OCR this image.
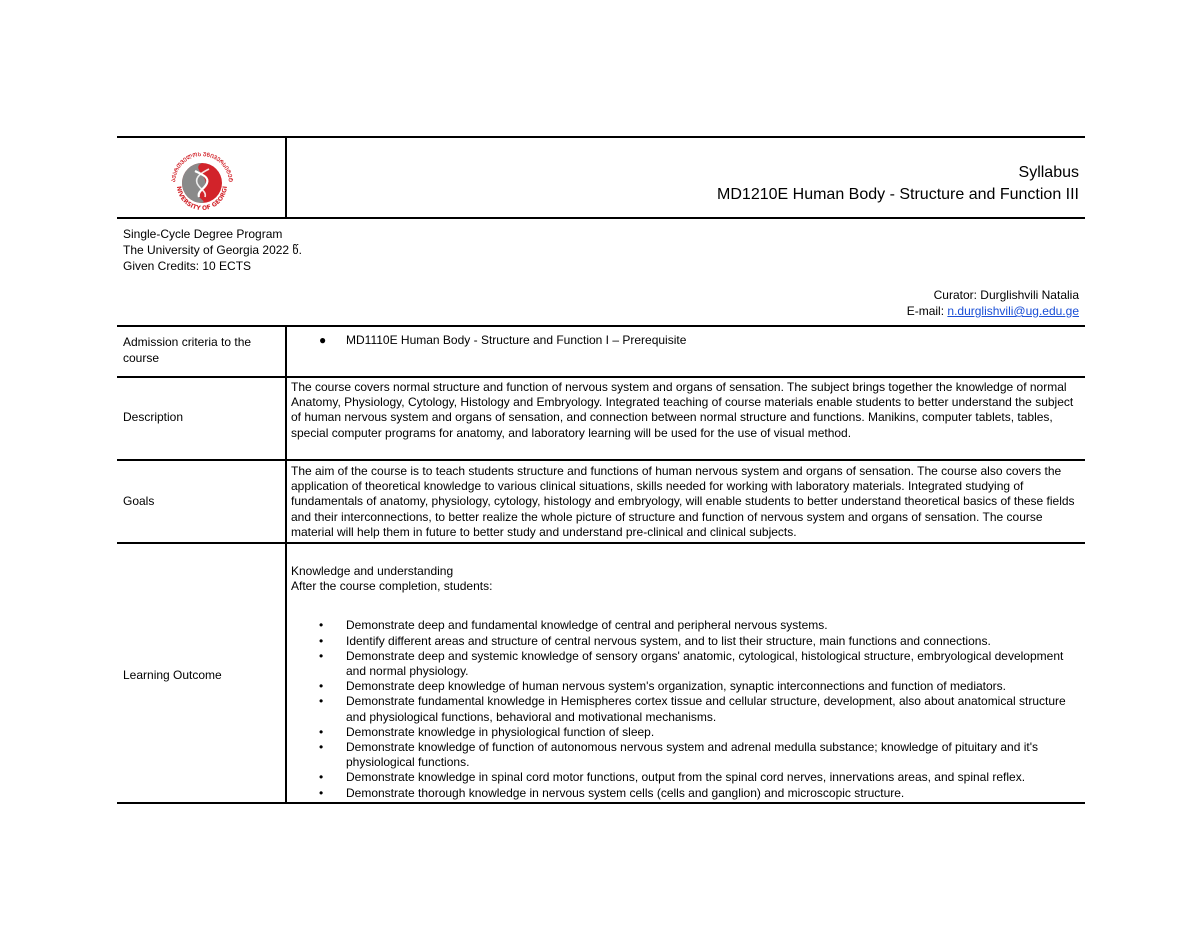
ᲐᲥᲐᲠᲗᲕᲔᲚᲝᲡ ᲣᲜᲘᲕᲔᲠᲡᲘᲢᲔᲢ
NIVERSITY OF GEORGI
Syllabus
MD1210E Human Body - Structure and Function III
Single-Cycle Degree Program
The University of Georgia 2022 წ.
Given Credits: 10 ECTS
Curator: Durglishvili Natalia
E-mail: n.durglishvili@ug.edu.ge
Admission criteria to the course
● MD1110E Human Body - Structure and Function I – Prerequisite
Description
The course covers normal structure and function of nervous system and organs of sensation. The subject brings together the knowledge of normal Anatomy, Physiology, Cytology, Histology and Embryology. Integrated teaching of course materials enable students to better understand the subject of human nervous system and organs of sensation, and connection between normal structure and functions. Manikins, computer tablets, tables, special computer programs for anatomy, and laboratory learning will be used for the use of visual method.
Goals
The aim of the course is to teach students structure and functions of human nervous system and organs of sensation. The course also covers the application of theoretical knowledge to various clinical situations, skills needed for working with laboratory materials. Integrated studying of fundamentals of anatomy, physiology, cytology, histology and embryology, will enable students to better understand theoretical basics of these fields and their interconnections, to better realize the whole picture of structure and function of nervous system and organs of sensation. The course material will help them in future to better study and understand pre-clinical and clinical subjects.
Learning Outcome
Knowledge and understanding
After the course completion, students:
• Demonstrate deep and fundamental knowledge of central and peripheral nervous systems.
• Identify different areas and structure of central nervous system, and to list their structure, main functions and connections.
• Demonstrate deep and systemic knowledge of sensory organs' anatomic, cytological, histological structure, embryological development and normal physiology.
• Demonstrate deep knowledge of human nervous system's organization, synaptic interconnections and function of mediators.
• Demonstrate fundamental knowledge in Hemispheres cortex tissue and cellular structure, development, also about anatomical structure and physiological functions, behavioral and motivational mechanisms.
• Demonstrate knowledge in physiological function of sleep.
• Demonstrate knowledge of function of autonomous nervous system and adrenal medulla substance; knowledge of pituitary and it's physiological functions.
• Demonstrate knowledge in spinal cord motor functions, output from the spinal cord nerves, innervations areas, and spinal reflex.
• Demonstrate thorough knowledge in nervous system cells (cells and ganglion) and microscopic structure.
